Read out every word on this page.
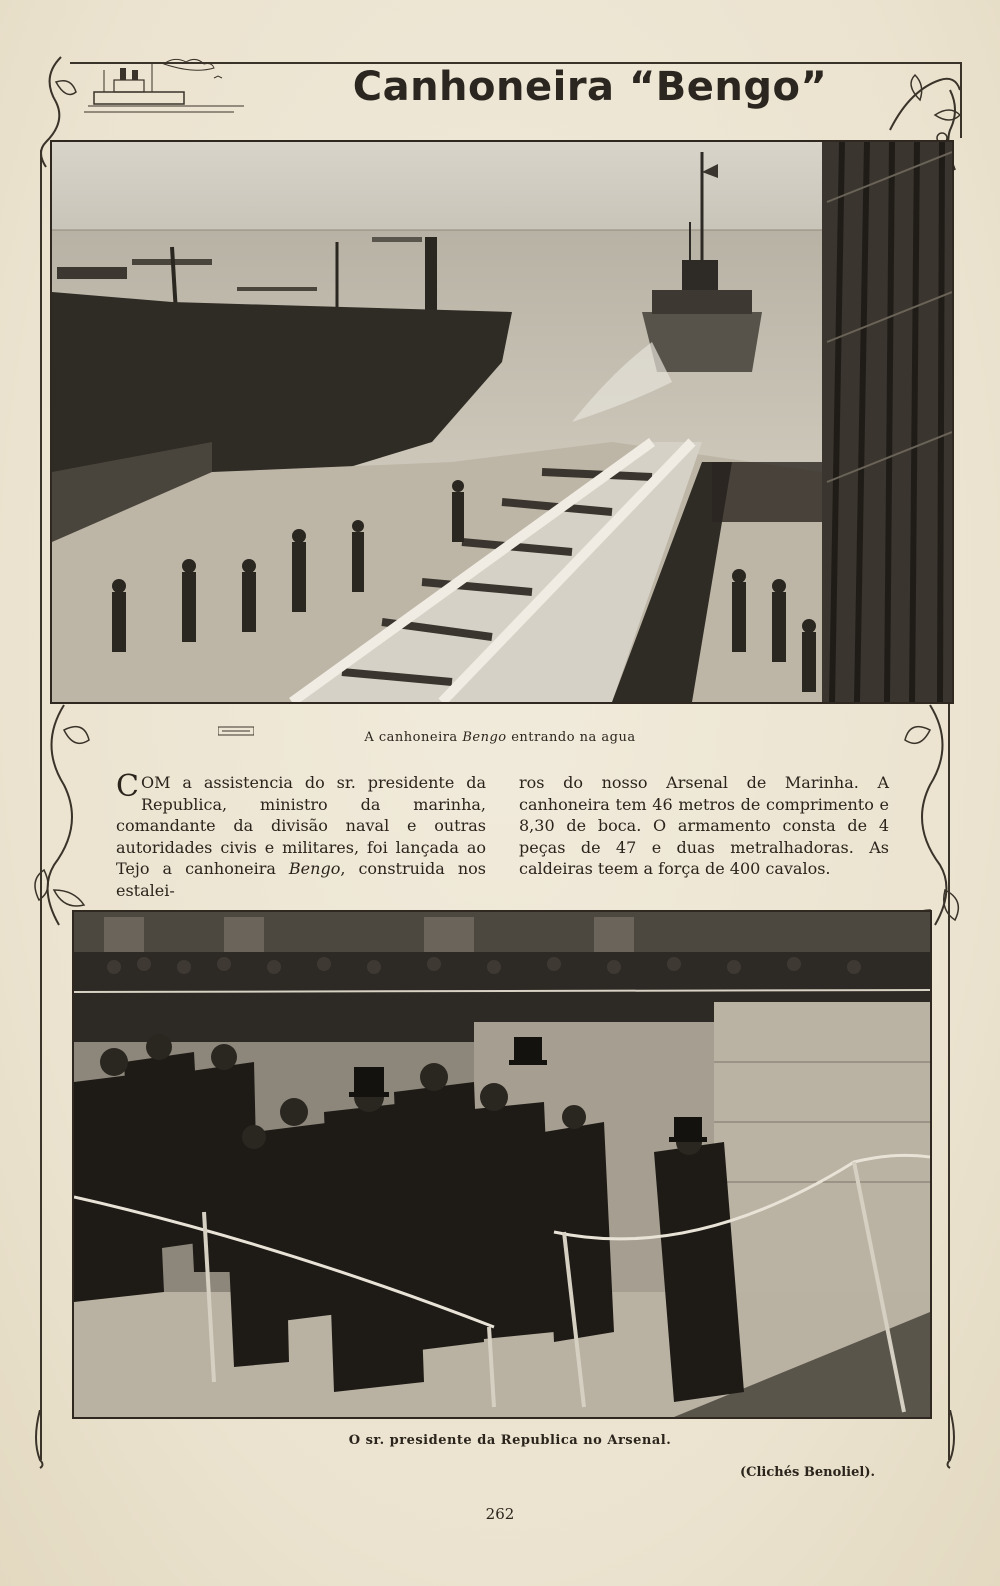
Canhoneira “Bengo”
A canhoneira Bengo entrando na agua
COM a assistencia do sr. presidente da Republica, ministro da marinha, comandante da divisão naval e outras autoridades civis e militares, foi lançada ao Tejo a canhoneira Bengo, construida nos estalei-
ros do nosso Arsenal de Marinha. A canhoneira tem 46 metros de comprimento e 8,30 de boca. O armamento consta de 4 peças de 47 e duas metralhadoras. As caldeiras teem a força de 400 cavalos.
O sr. presidente da Republica no Arsenal.
(Clichés Benoliel).
262
